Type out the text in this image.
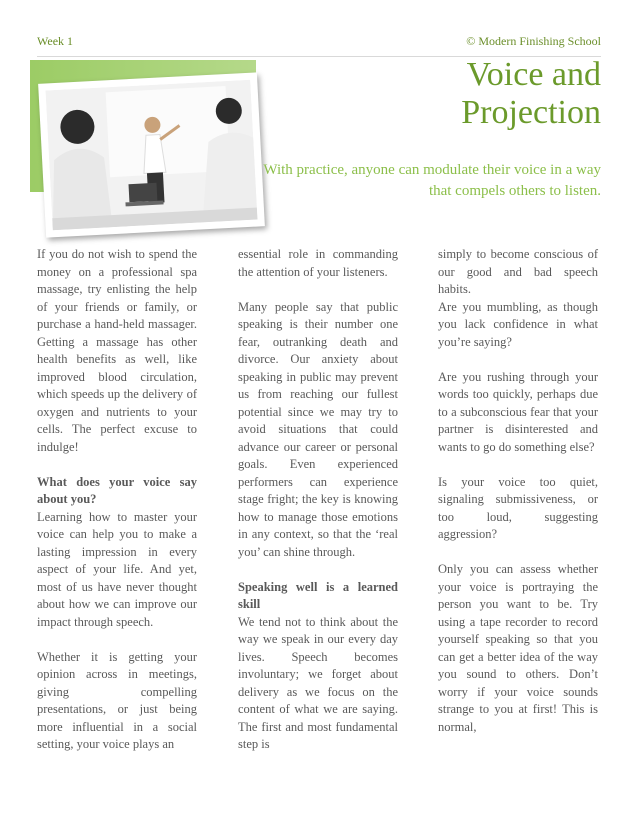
Week 1	© Modern Finishing School
Voice and
Projection
With practice, anyone can modulate their voice in a way that compels others to listen.

If you do not wish to spend the money on a professional spa massage, try enlisting the help of your friends or family, or purchase a hand-held massager. Getting a massage has other health benefits as well, like improved blood circulation, which speeds up the delivery of oxygen and nutrients to your cells. The perfect excuse to indulge!

What does your voice say about you?

Learning how to master your voice can help you to make a lasting impression in every aspect of your life. And yet, most of us have never thought about how we can improve our impact through speech.

Whether it is getting your opinion across in meetings, giving compelling presentations, or just being more influential in a social setting, your voice plays an

essential role in commanding the attention of your listeners.

Many people say that public speaking is their number one fear, outranking death and divorce. Our anxiety about speaking in public may prevent us from reaching our fullest potential since we may try to avoid situations that could advance our career or personal goals. Even experienced performers can experience stage fright; the key is knowing how to manage those emotions in any context, so that the ‘real you’ can shine through.

Speaking well is a learned skill

We tend not to think about the way we speak in our every day lives. Speech becomes involuntary; we forget about delivery as we focus on the content of what we are saying. The first and most fundamental step is

simply to become conscious of our good and bad speech habits.

Are you mumbling, as though you lack confidence in what you’re saying?

Are you rushing through your words too quickly, perhaps due to a subconscious fear that your partner is disinterested and wants to go do something else?

Is your voice too quiet, signaling submissiveness, or too loud, suggesting aggression?

Only you can assess whether your voice is portraying the person you want to be. Try using a tape recorder to record yourself speaking so that you can get a better idea of the way you sound to others. Don’t worry if your voice sounds strange to you at first! This is normal,
